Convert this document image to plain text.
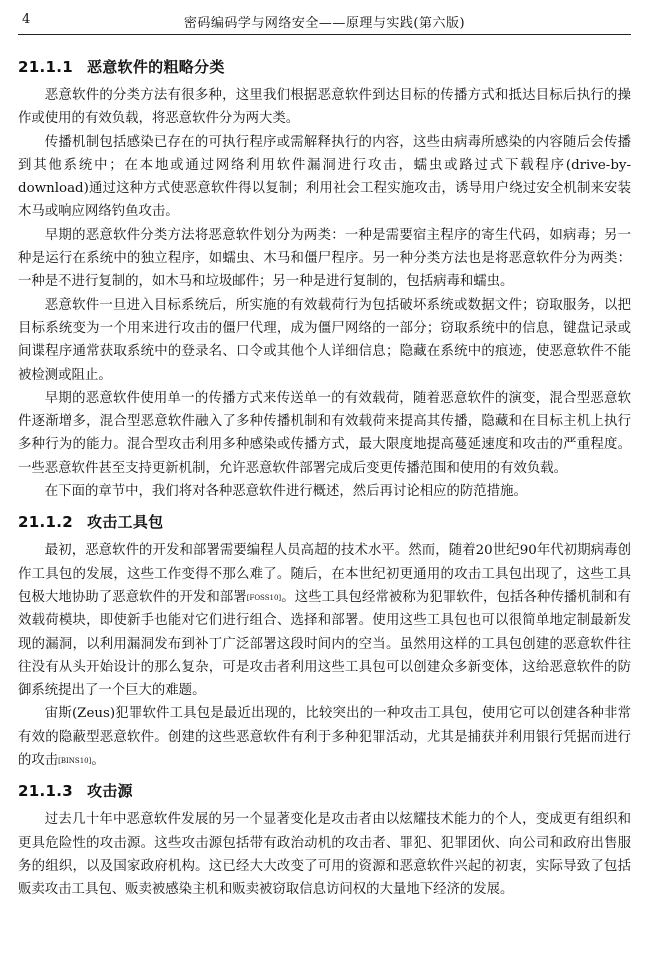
4	密码编码学与网络安全——原理与实践(第六版)
21.1.1 恶意软件的粗略分类

恶意软件的分类方法有很多种，这里我们根据恶意软件到达目标的传播方式和抵达目标后执行的操作或使用的有效负载，将恶意软件分为两大类。

传播机制包括感染已存在的可执行程序或需解释执行的内容，这些由病毒所感染的内容随后会传播到其他系统中；在本地或通过网络利用软件漏洞进行攻击，蠕虫或路过式下载程序(drive-by-download)通过这种方式使恶意软件得以复制；利用社会工程实施攻击，诱导用户绕过安全机制来安装木马或响应网络钓鱼攻击。

早期的恶意软件分类方法将恶意软件划分为两类：一种是需要宿主程序的寄生代码，如病毒；另一种是运行在系统中的独立程序，如蠕虫、木马和僵尸程序。另一种分类方法也是将恶意软件分为两类：一种是不进行复制的，如木马和垃圾邮件；另一种是进行复制的，包括病毒和蠕虫。

恶意软件一旦进入目标系统后，所实施的有效载荷行为包括破坏系统或数据文件；窃取服务，以把目标系统变为一个用来进行攻击的僵尸代理，成为僵尸网络的一部分；窃取系统中的信息，键盘记录或间谍程序通常获取系统中的登录名、口令或其他个人详细信息；隐藏在系统中的痕迹，使恶意软件不能被检测或阻止。

早期的恶意软件使用单一的传播方式来传送单一的有效载荷，随着恶意软件的演变，混合型恶意软件逐渐增多，混合型恶意软件融入了多种传播机制和有效载荷来提高其传播，隐藏和在目标主机上执行多种行为的能力。混合型攻击利用多种感染或传播方式，最大限度地提高蔓延速度和攻击的严重程度。一些恶意软件甚至支持更新机制，允许恶意软件部署完成后变更传播范围和使用的有效负载。

在下面的章节中，我们将对各种恶意软件进行概述，然后再讨论相应的防范措施。

21.1.2 攻击工具包

最初，恶意软件的开发和部署需要编程人员高超的技术水平。然而，随着20世纪90年代初期病毒创作工具包的发展，这些工作变得不那么难了。随后，在本世纪初更通用的攻击工具包出现了，这些工具包极大地协助了恶意软件的开发和部署[FOSS10]。这些工具包经常被称为犯罪软件，包括各种传播机制和有效载荷模块，即使新手也能对它们进行组合、选择和部署。使用这些工具包也可以很简单地定制最新发现的漏洞，以利用漏洞发布到补丁广泛部署这段时间内的空当。虽然用这样的工具包创建的恶意软件往往没有从头开始设计的那么复杂，可是攻击者利用这些工具包可以创建众多新变体，这给恶意软件的防御系统提出了一个巨大的难题。

宙斯(Zeus)犯罪软件工具包是最近出现的，比较突出的一种攻击工具包，使用它可以创建各种非常有效的隐蔽型恶意软件。创建的这些恶意软件有利于多种犯罪活动，尤其是捕获并利用银行凭据而进行的攻击[BINS10]。

21.1.3 攻击源

过去几十年中恶意软件发展的另一个显著变化是攻击者由以炫耀技术能力的个人，变成更有组织和更具危险性的攻击源。这些攻击源包括带有政治动机的攻击者、罪犯、犯罪团伙、向公司和政府出售服务的组织，以及国家政府机构。这已经大大改变了可用的资源和恶意软件兴起的初衷，实际导致了包括贩卖攻击工具包、贩卖被感染主机和贩卖被窃取信息访问权的大量地下经济的发展。
